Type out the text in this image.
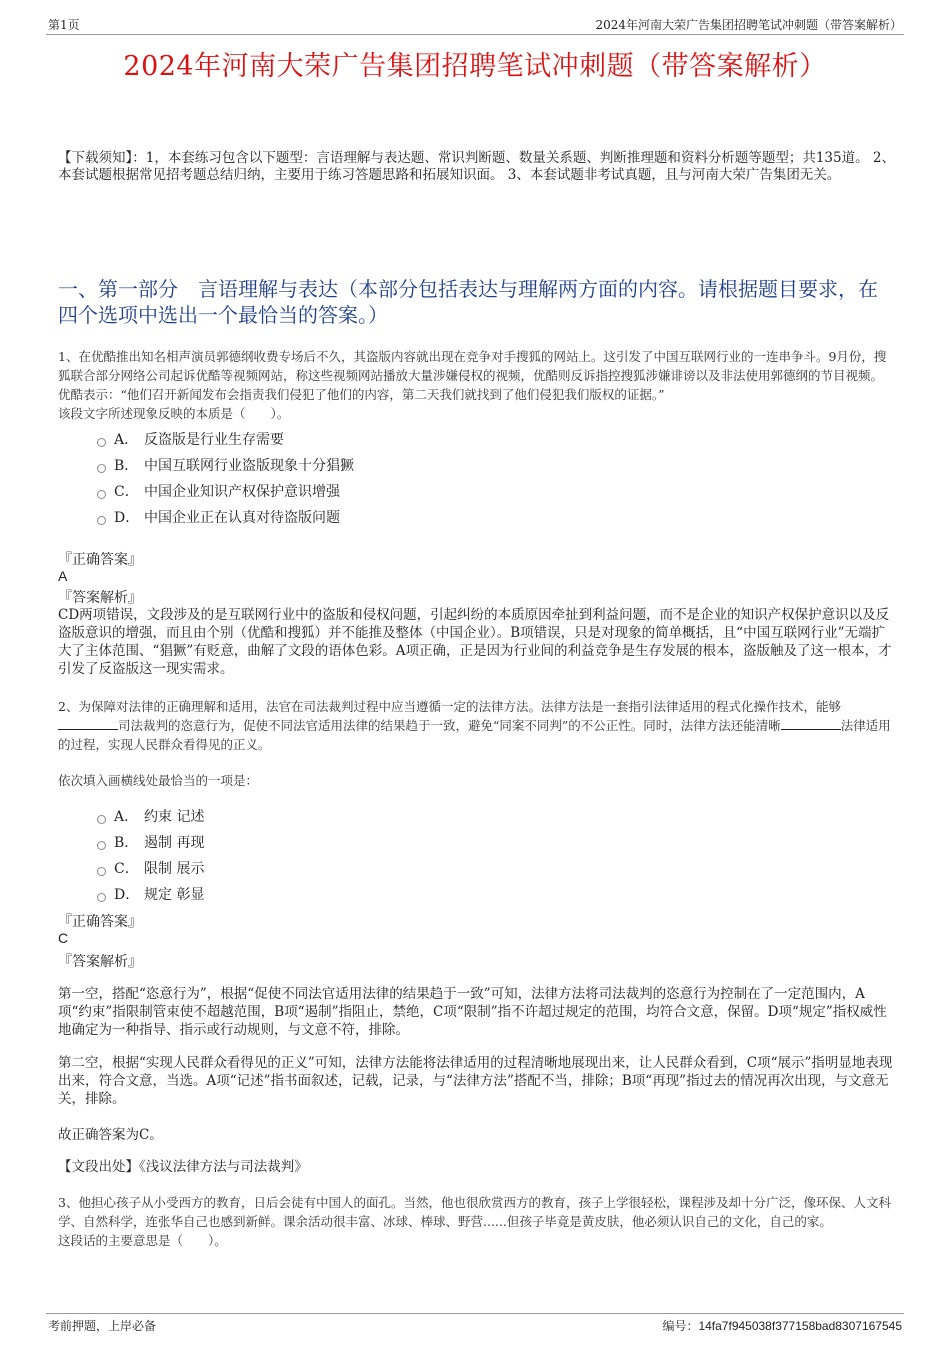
第1页	2024年河南大荣广告集团招聘笔试冲刺题（带答案解析）
2024年河南大荣广告集团招聘笔试冲刺题（带答案解析）
【下载须知】：1，本套练习包含以下题型：言语理解与表达题、常识判断题、数量关系题、判断推理题和资料分析题等题型；共135道。 2、本套试题根据常见招考题总结归纳，主要用于练习答题思路和拓展知识面。 3、本套试题非考试真题，且与河南大荣广告集团无关。
一、第一部分　言语理解与表达（本部分包括表达与理解两方面的内容。请根据题目要求，在四个选项中选出一个最恰当的答案。）
1、在优酷推出知名相声演员郭德纲收费专场后不久，其盗版内容就出现在竞争对手搜狐的网站上。这引发了中国互联网行业的一连串争斗。9月份，搜狐联合部分网络公司起诉优酷等视频网站，称这些视频网站播放大量涉嫌侵权的视频，优酷则反诉指控搜狐涉嫌诽谤以及非法使用郭德纲的节目视频。优酷表示：“他们召开新闻发布会指责我们侵犯了他们的内容，第二天我们就找到了他们侵犯我们版权的证据。”
该段文字所述现象反映的本质是（　　）。
A． 反盗版是行业生存需要
B． 中国互联网行业盗版现象十分猖獗
C． 中国企业知识产权保护意识增强
D． 中国企业正在认真对待盗版问题
『正确答案』
A
『答案解析』
CD两项错误，文段涉及的是互联网行业中的盗版和侵权问题，引起纠纷的本质原因牵扯到利益问题，而不是企业的知识产权保护意识以及反盗版意识的增强，而且由个别（优酷和搜狐）并不能推及整体（中国企业）。B项错误，只是对现象的简单概括，且“中国互联网行业”无端扩大了主体范围、“猖獗”有贬意，曲解了文段的语体色彩。A项正确，正是因为行业间的利益竞争是生存发展的根本，盗版触及了这一根本，才引发了反盗版这一现实需求。
2、为保障对法律的正确理解和适用，法官在司法裁判过程中应当遵循一定的法律方法。法律方法是一套指引法律适用的程式化操作技术，能够司法裁判的恣意行为，促使不同法官适用法律的结果趋于一致，避免“同案不同判”的不公正性。同时，法律方法还能清晰	法律适用的过程，实现人民群众看得见的正义。
依次填入画横线处最恰当的一项是：
A． 约束 记述
B． 遏制 再现
C． 限制 展示
D． 规定 彰显
『正确答案』
C
『答案解析』
第一空，搭配“恣意行为”，根据“促使不同法官适用法律的结果趋于一致”可知，法律方法将司法裁判的恣意行为控制在了一定范围内，A项“约束”指限制管束使不超越范围，B项“遏制”指阻止，禁绝，C项“限制”指不许超过规定的范围，均符合文意，保留。D项“规定”指权威性地确定为一种指导、指示或行动规则，与文意不符，排除。
第二空，根据“实现人民群众看得见的正义”可知，法律方法能将法律适用的过程清晰地展现出来，让人民群众看到，C项“展示”指明显地表现出来，符合文意，当选。A项“记述”指书面叙述，记载，记录，与“法律方法”搭配不当，排除；B项“再现”指过去的情况再次出现，与文意无关，排除。
故正确答案为C。
【文段出处】《浅议法律方法与司法裁判》
3、他担心孩子从小受西方的教育，日后会徒有中国人的面孔。当然，他也很欣赏西方的教育，孩子上学很轻松，课程涉及却十分广泛，像环保、人文科学、自然科学，连张华自己也感到新鲜。课余活动很丰富、冰球、棒球、野营......但孩子毕竟是黄皮肤，他必须认识自己的文化，自己的家。
这段话的主要意思是（　　）。
考前押题，上岸必备	编号：14fa7f945038f377158bad8307167545
